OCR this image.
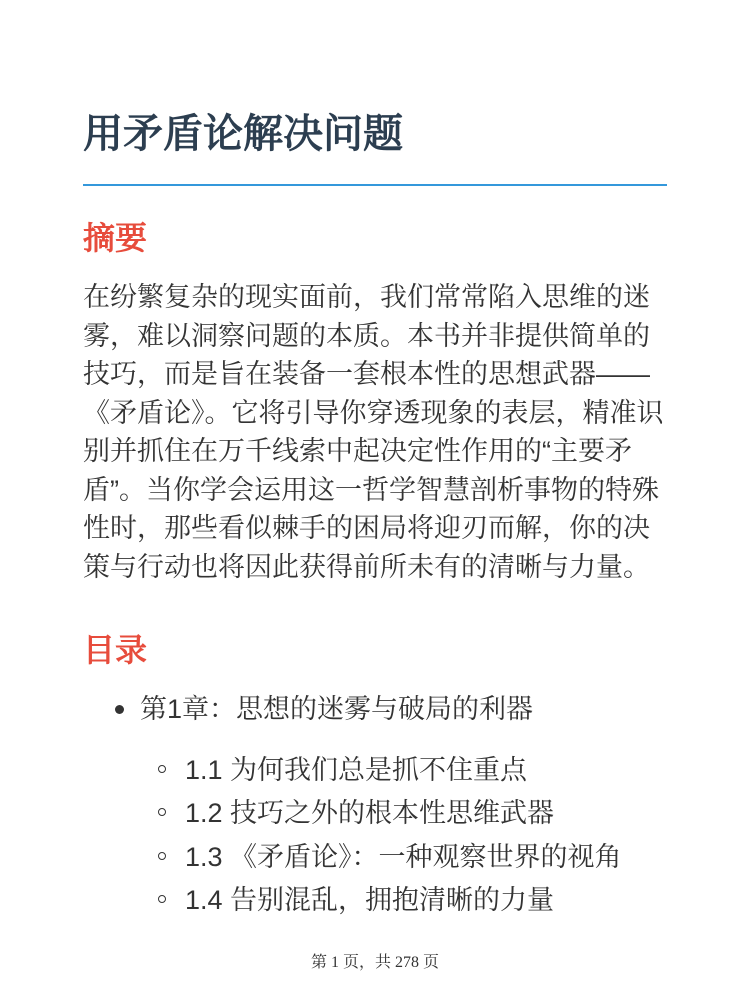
用矛盾论解决问题
摘要

在纷繁复杂的现实面前，我们常常陷入思维的迷雾，难以洞察问题的本质。本书并非提供简单的技巧，而是旨在装备一套根本性的思想武器——《矛盾论》。它将引导你穿透现象的表层，精准识别并抓住在万千线索中起决定性作用的“主要矛盾”。当你学会运用这一哲学智慧剖析事物的特殊性时，那些看似棘手的困局将迎刃而解，你的决策与行动也将因此获得前所未有的清晰与力量。

目录
第1章：思想的迷雾与破局的利器
1.1 为何我们总是抓不住重点
1.2 技巧之外的根本性思维武器
1.3 《矛盾论》：一种观察世界的视角
1.4 告别混乱，拥抱清晰的力量
第 1 页，共 278 页
